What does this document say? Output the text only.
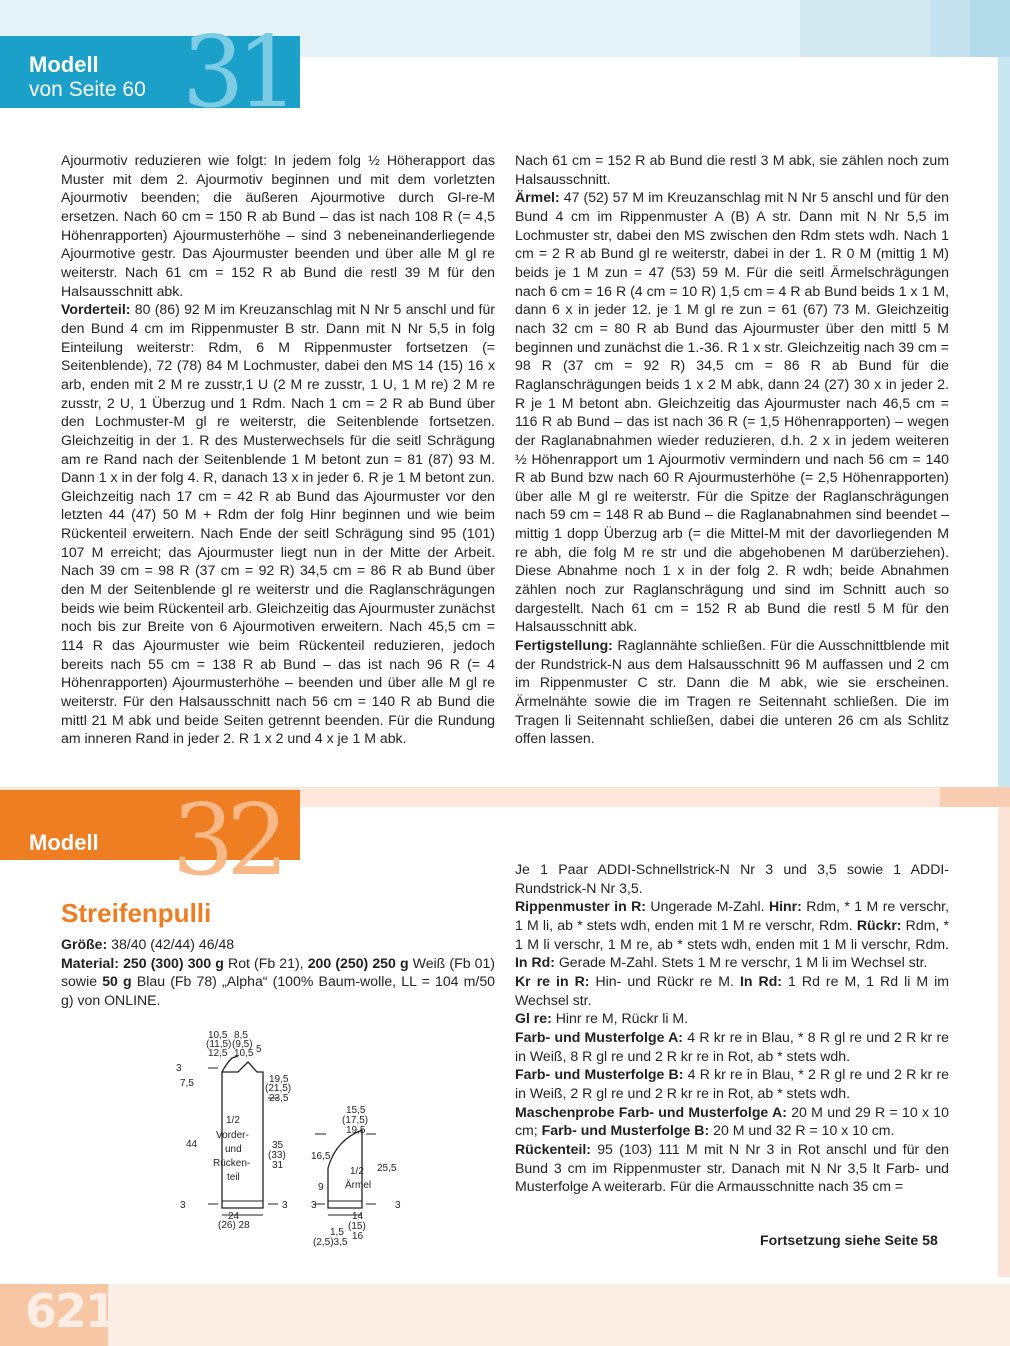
Modell
von Seite 60 31

Ajourmotiv reduzieren wie folgt: In jedem folg ½ Höherapport das Muster mit dem 2. Ajourmotiv beginnen und mit dem vorletzten Ajourmotiv beenden; die äußeren Ajourmotive durch Gl-re-M ersetzen. Nach 60 cm = 150 R ab Bund – das ist nach 108 R (= 4,5 Höhenrapporten) Ajourmusterhöhe – sind 3 nebeneinanderliegende Ajourmotive gestr. Das Ajourmuster beenden und über alle M gl re weiterstr. Nach 61 cm = 152 R ab Bund die restl 39 M für den Halsausschnitt abk.

Vorderteil: 80 (86) 92 M im Kreuzanschlag mit N Nr 5 anschl und für den Bund 4 cm im Rippenmuster B str. Dann mit N Nr 5,5 in folg Einteilung weiterstr: Rdm, 6 M Rippenmuster fortsetzen (= Seitenblende), 72 (78) 84 M Lochmuster, dabei den MS 14 (15) 16 x arb, enden mit 2 M re zusstr,1 U (2 M re zusstr, 1 U, 1 M re) 2 M re zusstr, 2 U, 1 Überzug und 1 Rdm. Nach 1 cm = 2 R ab Bund über den Lochmuster-M gl re weiterstr, die Seitenblende fortsetzen. Gleichzeitig in der 1. R des Musterwechsels für die seitl Schrägung am re Rand nach der Seitenblende 1 M betont zun = 81 (87) 93 M. Dann 1 x in der folg 4. R, danach 13 x in jeder 6. R je 1 M betont zun. Gleichzeitig nach 17 cm = 42 R ab Bund das Ajourmuster vor den letzten 44 (47) 50 M + Rdm der folg Hinr beginnen und wie beim Rückenteil erweitern. Nach Ende der seitl Schrägung sind 95 (101) 107 M erreicht; das Ajourmuster liegt nun in der Mitte der Arbeit. Nach 39 cm = 98 R (37 cm = 92 R) 34,5 cm = 86 R ab Bund über den M der Seitenblende gl re weiterstr und die Raglanschrägungen beids wie beim Rückenteil arb. Gleichzeitig das Ajourmuster zunächst noch bis zur Breite von 6 Ajourmotiven erweitern. Nach 45,5 cm = 114 R das Ajourmuster wie beim Rückenteil reduzieren, jedoch bereits nach 55 cm = 138 R ab Bund – das ist nach 96 R (= 4 Höhenrapporten) Ajourmusterhöhe – beenden und über alle M gl re weiterstr. Für den Halsausschnitt nach 56 cm = 140 R ab Bund die mittl 21 M abk und beide Seiten getrennt beenden. Für die Rundung am inneren Rand in jeder 2. R 1 x 2 und 4 x je 1 M abk.

Nach 61 cm = 152 R ab Bund die restl 3 M abk, sie zählen noch zum Halsausschnitt.

Ärmel: 47 (52) 57 M im Kreuzanschlag mit N Nr 5 anschl und für den Bund 4 cm im Rippenmuster A (B) A str. Dann mit N Nr 5,5 im Lochmuster str, dabei den MS zwischen den Rdm stets wdh. Nach 1 cm = 2 R ab Bund gl re weiterstr, dabei in der 1. R 0 M (mittig 1 M) beids je 1 M zun = 47 (53) 59 M. Für die seitl Ärmelschrägungen nach 6 cm = 16 R (4 cm = 10 R) 1,5 cm = 4 R ab Bund beids 1 x 1 M, dann 6 x in jeder 12. je 1 M gl re zun = 61 (67) 73 M. Gleichzeitig nach 32 cm = 80 R ab Bund das Ajourmuster über den mittl 5 M beginnen und zunächst die 1.-36. R 1 x str. Gleichzeitig nach 39 cm = 98 R (37 cm = 92 R) 34,5 cm = 86 R ab Bund für die Raglanschrägungen beids 1 x 2 M abk, dann 24 (27) 30 x in jeder 2. R je 1 M betont abn. Gleichzeitig das Ajourmuster nach 46,5 cm = 116 R ab Bund – das ist nach 36 R (= 1,5 Höhenrapporten) – wegen der Raglanabnahmen wieder reduzieren, d.h. 2 x in jedem weiteren ½ Höhenrapport um 1 Ajourmotiv vermindern und nach 56 cm = 140 R ab Bund bzw nach 60 R Ajourmusterhöhe (= 2,5 Höhenrapporten) über alle M gl re weiterstr. Für die Spitze der Raglanschrägungen nach 59 cm = 148 R ab Bund – die Raglanabnahmen sind beendet – mittig 1 dopp Überzug arb (= die Mittel-M mit der davorliegenden M re abh, die folg M re str und die abgehobenen M darüberziehen). Diese Abnahme noch 1 x in der folg 2. R wdh; beide Abnahmen zählen noch zur Raglanschrägung und sind im Schnitt auch so dargestellt. Nach 61 cm = 152 R ab Bund die restl 5 M für den Halsausschnitt abk.

Fertigstellung: Raglannähte schließen. Für die Ausschnittblende mit der Rundstrick-N aus dem Halsausschnitt 96 M auffassen und 2 cm im Rippenmuster C str. Dann die M abk, wie sie erscheinen. Ärmelnähte sowie die im Tragen re Seitennaht schließen. Die im Tragen li Seitennaht schließen, dabei die unteren 26 cm als Schlitz offen lassen.

Modell 32
Streifenpulli

Größe: 38/40 (42/44) 46/48

Material: 250 (300) 300 g Rot (Fb 21), 200 (250) 250 g Weiß (Fb 01) sowie 50 g Blau (Fb 78) „Alpha“ (100% Baum-wolle, LL = 104 m/50 g) von ONLINE.

10,5 8,5
(11,5) (9,5)
12,5 10,5 5
3
7,5
44
19,5
(21,5)
23,5
1/2
Vorder-
und
Rücken-
teil
35
(33)
31
24
(26) 28
3	3
15,5
(17,5)
19,5
16,5
9
25,5
3	3
1/2
Ärmel
14
(15)
16
1,5
(2,5)3,5

Je 1 Paar ADDI-Schnellstrick-N Nr 3 und 3,5 sowie 1 ADDI-Rundstrick-N Nr 3,5.

Rippenmuster in R: Ungerade M-Zahl. Hinr: Rdm, * 1 M re verschr, 1 M li, ab * stets wdh, enden mit 1 M re verschr, Rdm. Rückr: Rdm, * 1 M li verschr, 1 M re, ab * stets wdh, enden mit 1 M li verschr, Rdm. In Rd: Gerade M-Zahl. Stets 1 M re verschr, 1 M li im Wechsel str.

Kr re in R: Hin- und Rückr re M. In Rd: 1 Rd re M, 1 Rd li M im Wechsel str.

Gl re: Hinr re M, Rückr li M.

Farb- und Musterfolge A: 4 R kr re in Blau, * 8 R gl re und 2 R kr re in Weiß, 8 R gl re und 2 R kr re in Rot, ab * stets wdh.

Farb- und Musterfolge B: 4 R kr re in Blau, * 2 R gl re und 2 R kr re in Weiß, 2 R gl re und 2 R kr re in Rot, ab * stets wdh.

Maschenprobe Farb- und Musterfolge A: 20 M und 29 R = 10 x 10 cm; Farb- und Musterfolge B: 20 M und 32 R = 10 x 10 cm.

Rückenteil: 95 (103) 111 M mit N Nr 3 in Rot anschl und für den Bund 3 cm im Rippenmuster str. Danach mit N Nr 3,5 lt Farb- und Musterfolge A weiterarb. Für die Armausschnitte nach 35 cm =

Fortsetzung siehe Seite 58
621
